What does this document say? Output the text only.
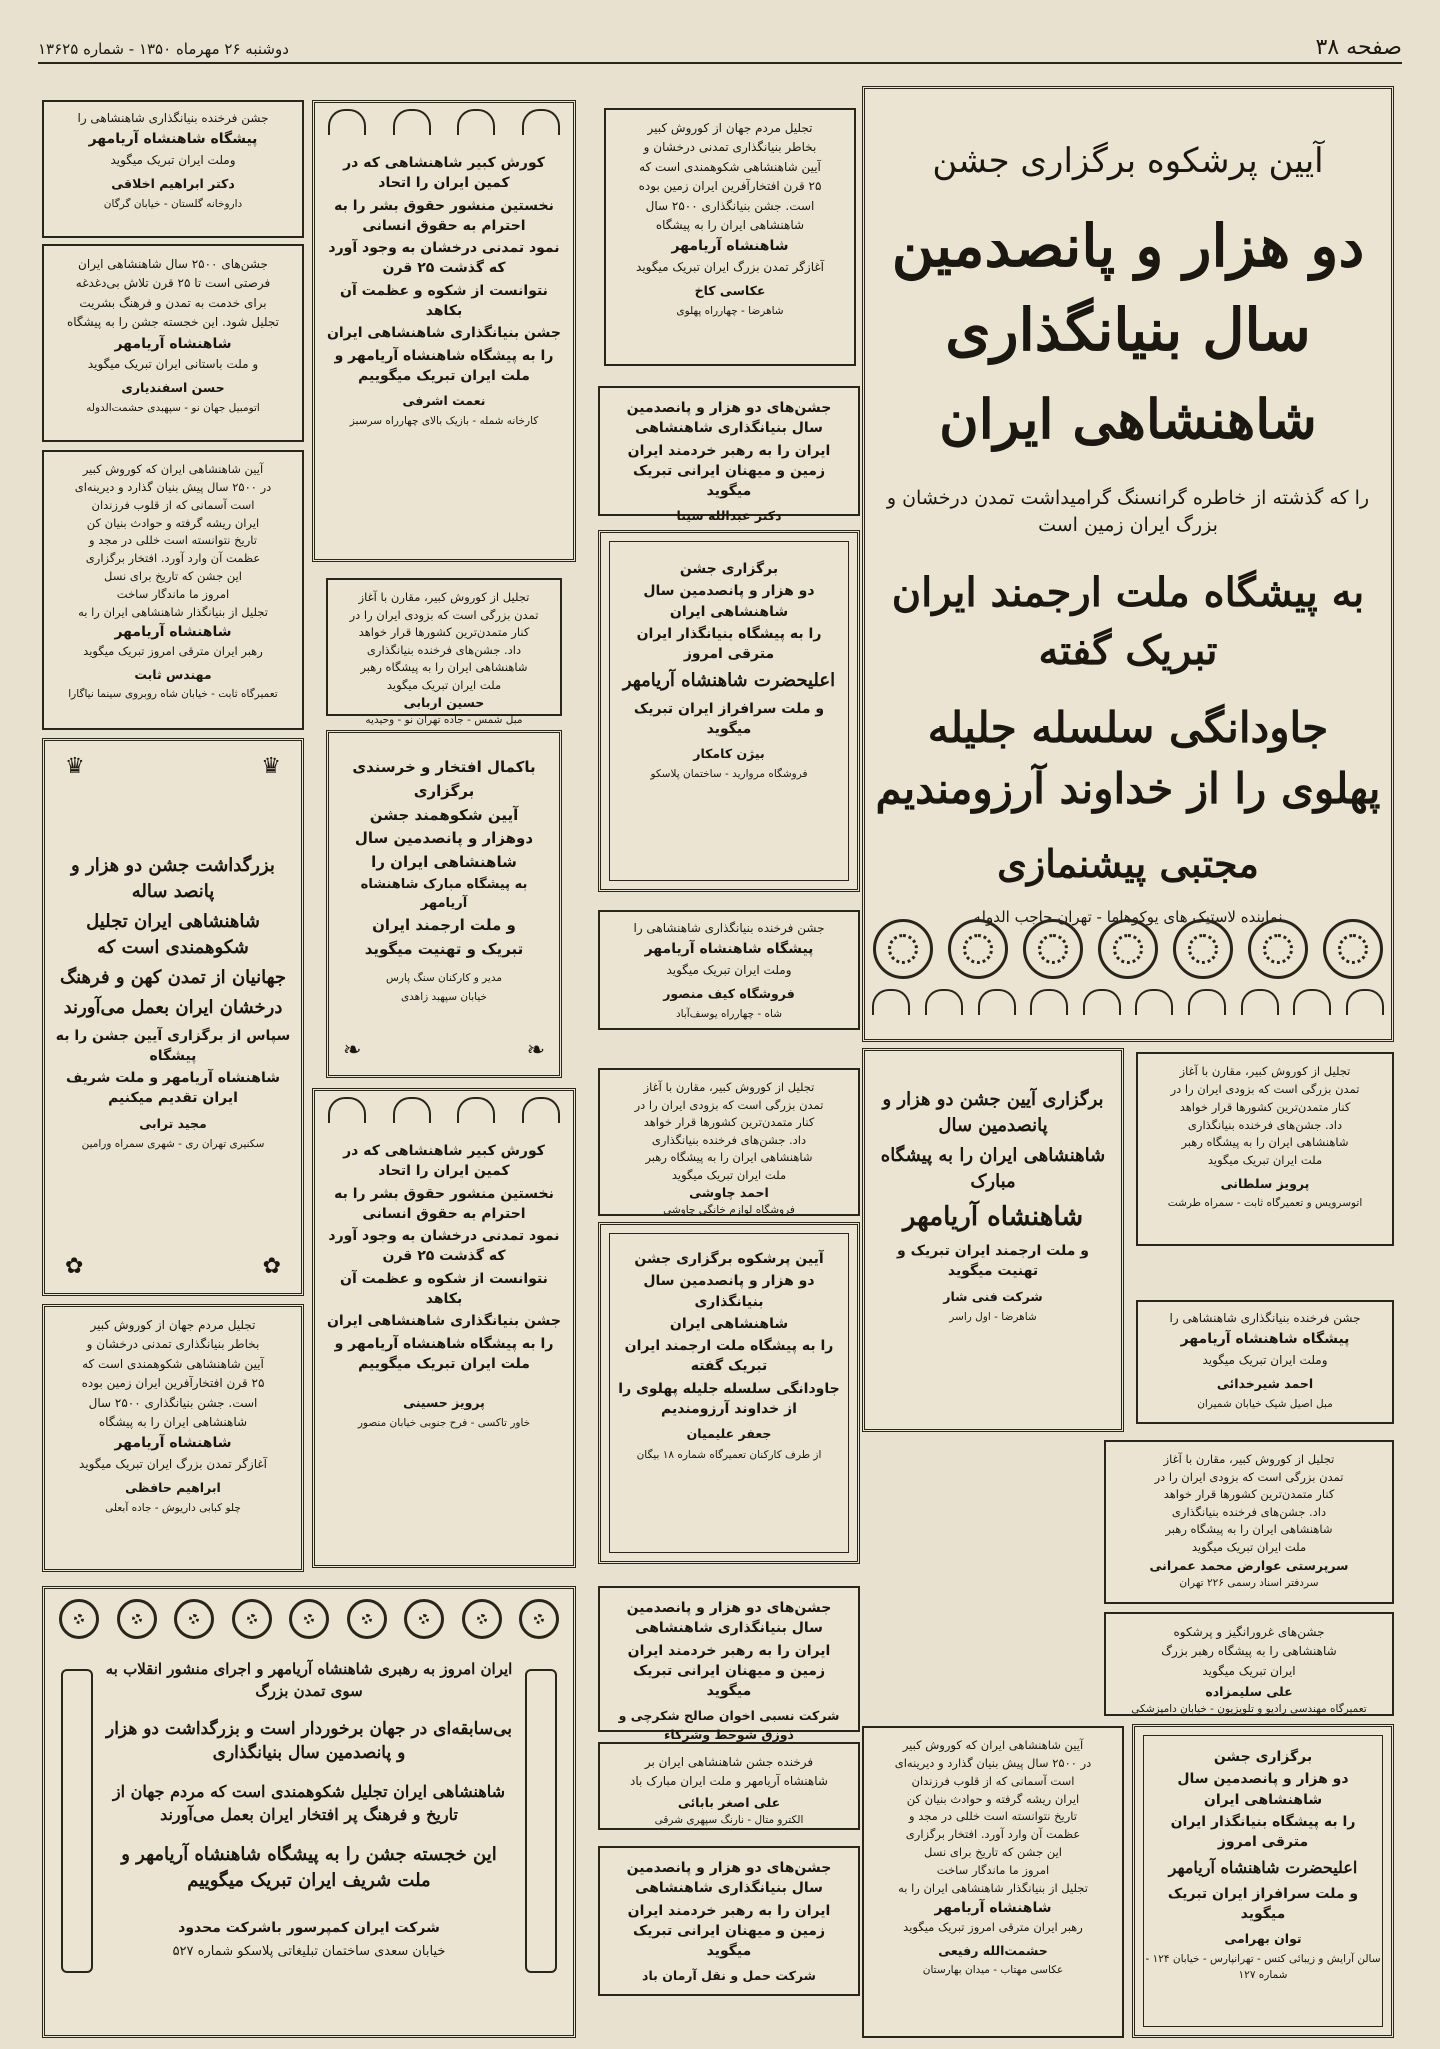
دوشنبه ۲۶ مهرماه ۱۳۵۰ - شماره ۱۳۶۲۵	صفحه ۳۸
آیین پرشکوه برگزاری جشن
دو هزار و پانصدمین سال بنیانگذاری
شاهنشاهی ایران
را که گذشته از خاطره گرانسنگ گرامیداشت تمدن درخشان و بزرگ ایران زمین است
به پیشگاه ملت ارجمند ایران تبریک گفته
جاودانگی سلسله جلیله پهلوی را از خداوند آرزومندیم
مجتبی پیشنمازی
نماینده لاستیک های یوکوهاما - تهران حاجب الدوله
جشن فرخنده بنیانگذاری شاهنشاهی را
پیشگاه شاهنشاه آریامهر
وملت ایران تبریک میگوید
دکتر ابراهیم اخلاقی
داروخانه گلستان - خیابان گرگان

جشن‌های ۲۵۰۰ سال شاهنشاهی ایران

فرصتی است تا ۲۵ قرن تلاش بی‌دغدغه

برای خدمت به تمدن و فرهنگ بشریت

تجلیل شود. این خجسته جشن را به پیشگاه

شاهنشاه آریامهر

و ملت باستانی ایران تبریک میگوید

حسن اسفندیاری
اتومبیل جهان نو - سپهبدی حشمت‌الدوله

آیین شاهنشاهی ایران که کوروش کبیر

در ۲۵۰۰ سال پیش بنیان گذارد و دیرینه‌ای

است آسمانی که از قلوب فرزندان

ایران ریشه گرفته و حوادث بنیان کن

تاریخ نتوانسته است خللی در مجد و

عظمت آن وارد آورد. افتخار برگزاری

این جشن که تاریخ برای نسل

امروز ما ماندگار ساخت

تجلیل از بنیانگذار شاهنشاهی ایران را به

شاهنشاه آریامهر

رهبر ایران مترقی امروز تبریک میگوید

مهندس ثابت
تعمیرگاه ثابت - خیابان شاه روبروی سینما نیاگارا
♛	♛
بزرگداشت جشن دو هزار و پانصد ساله
شاهنشاهی ایران تجلیل شکوهمندی است که
جهانیان از تمدن کهن و فرهنگ
درخشان ایران بعمل می‌آورند
سپاس از برگزاری آیین جشن را به پیشگاه
شاهنشاه آریامهر و ملت شریف ایران تقدیم میکنیم
مجید ترابی
سکنیری تهران ری - شهری سمراه ورامین
✿	✿

تجلیل مردم جهان از کوروش کبیر

بخاطر بنیانگذاری تمدنی درخشان و

آیین شاهنشاهی شکوهمندی است که

۲۵ قرن افتخارآفرین ایران زمین بوده

است. جشن بنیانگذاری ۲۵۰۰ سال

شاهنشاهی ایران را به پیشگاه

شاهنشاه آریامهر

آغازگر تمدن بزرگ ایران تبریک میگوید

ابراهیم حافظی
چلو کبابی داریوش - جاده آبعلی
کورش کبیر شاهنشاهی که در کمین ایران را اتحاد
نخستین منشور حقوق بشر را به احترام به حقوق انسانی
نمود تمدنی درخشان به وجود آورد که گذشت ۲۵ قرن
نتوانست از شکوه و عظمت آن بکاهد
جشن بنیانگذاری شاهنشاهی ایران
را به پیشگاه شاهنشاه آریامهر و ملت ایران تبریک میگوییم
نعمت اشرفی
کارخانه شمله - بازیک بالای چهارراه سرسبز

تجلیل از کوروش کبیر، مقارن با آغاز

تمدن بزرگی است که بزودی ایران را در

کنار متمدن‌ترین کشورها قرار خواهد

داد. جشن‌های فرخنده بنیانگذاری

شاهنشاهی ایران را به پیشگاه رهبر

ملت ایران تبریک میگوید

حسین اربابی
مبل شمس - جاده تهران نو - وحیدیه
باکمال افتخار و خرسندی
برگزاری
آیین شکوهمند جشن
دوهزار و پانصدمین سال
شاهنشاهی ایران را
به پیشگاه مبارک شاهنشاه آریامهر
و ملت ارجمند ایران
تبریک و تهنیت میگوید
مدیر و کارکنان سنگ پارس
خیابان سپهبد زاهدی
❧	❧
کورش کبیر شاهنشاهی که در کمین ایران را اتحاد
نخستین منشور حقوق بشر را به احترام به حقوق انسانی
نمود تمدنی درخشان به وجود آورد که گذشت ۲۵ قرن
نتوانست از شکوه و عظمت آن بکاهد
جشن بنیانگذاری شاهنشاهی ایران
را به پیشگاه شاهنشاه آریامهر و ملت ایران تبریک میگوییم
پرویز حسینی
خاور تاکسی - فرح جنوبی خیابان منصور

تجلیل مردم جهان از کوروش کبیر

بخاطر بنیانگذاری تمدنی درخشان و

آیین شاهنشاهی شکوهمندی است که

۲۵ قرن افتخارآفرین ایران زمین بوده

است. جشن بنیانگذاری ۲۵۰۰ سال

شاهنشاهی ایران را به پیشگاه

شاهنشاه آریامهر

آغازگر تمدن بزرگ ایران تبریک میگوید

عکاسی کاخ
شاهرضا - چهارراه پهلوی
جشن‌های دو هزار و پانصدمین سال بنیانگذاری شاهنشاهی
ایران را به رهبر خردمند ایران زمین و میهنان ایرانی تبریک میگوید
دکتر عبدالله سینا
برگزاری جشن
دو هزار و پانصدمین سال شاهنشاهی ایران
را به پیشگاه بنیانگذار ایران مترقی امروز
اعلیحضرت شاهنشاه آریامهر
و ملت سرافراز ایران تبریک میگوید
بیژن کامکار
فروشگاه مروارید - ساختمان پلاسکو
جشن فرخنده بنیانگذاری شاهنشاهی را
پیشگاه شاهنشاه آریامهر
وملت ایران تبریک میگوید
فروشگاه کیف منصور
شاه - چهارراه یوسف‌آباد

تجلیل از کوروش کبیر، مقارن با آغاز

تمدن بزرگی است که بزودی ایران را در

کنار متمدن‌ترین کشورها قرار خواهد

داد. جشن‌های فرخنده بنیانگذاری

شاهنشاهی ایران را به پیشگاه رهبر

ملت ایران تبریک میگوید

احمد چاوشی
فروشگاه لوازم خانگی چاوشی
آیین پرشکوه برگزاری جشن
دو هزار و پانصدمین سال بنیانگذاری
شاهنشاهی ایران
را به پیشگاه ملت ارجمند ایران تبریک گفته
جاودانگی سلسله جلیله پهلوی را از خداوند آرزومندیم
جعفر علیمیان
از طرف کارکنان تعمیرگاه شماره ۱۸ بیگان
جشن‌های دو هزار و پانصدمین سال بنیانگذاری شاهنشاهی
ایران را به رهبر خردمند ایران زمین و میهنان ایرانی تبریک میگوید
شرکت نسبی اخوان صالح شکرچی و ذوزق شوحط وشرکاء

فرخنده جشن شاهنشاهی ایران بر

شاهنشاه آریامهر و ملت ایران مبارک باد

علی اصغر بابائی
الکترو متال - نارنگ سپهری شرقی
جشن‌های دو هزار و پانصدمین سال بنیانگذاری شاهنشاهی
ایران را به رهبر خردمند ایران زمین و میهنان ایرانی تبریک میگوید
شرکت حمل و نقل آرمان باد
برگزاری آیین جشن دو هزار و پانصدمین سال
شاهنشاهی ایران را به پیشگاه مبارک
شاهنشاه آریامهر
و ملت ارجمند ایران تبریک و تهنیت میگوید
شرکت فنی شار
شاهرضا - اول راسر

تجلیل از کوروش کبیر، مقارن با آغاز

تمدن بزرگی است که بزودی ایران را در

کنار متمدن‌ترین کشورها قرار خواهد

داد. جشن‌های فرخنده بنیانگذاری

شاهنشاهی ایران را به پیشگاه رهبر

ملت ایران تبریک میگوید

سرپرستی عوارض محمد عمرانی
سردفتر اسناد رسمی ۲۲۶ تهران

جشن‌های غرورانگیز و پرشکوه

شاهنشاهی را به پیشگاه رهبر بزرگ

ایران تبریک میگوید

علی سلیمزاده
تعمیرگاه مهندسی رادیو و تلویزیون - خیابان دامپزشکی

آیین شاهنشاهی ایران که کوروش کبیر

در ۲۵۰۰ سال پیش بنیان گذارد و دیرینه‌ای

است آسمانی که از قلوب فرزندان

ایران ریشه گرفته و حوادث بنیان کن

تاریخ نتوانسته است خللی در مجد و

عظمت آن وارد آورد. افتخار برگزاری

این جشن که تاریخ برای نسل

امروز ما ماندگار ساخت

تجلیل از بنیانگذار شاهنشاهی ایران را به

شاهنشاه آریامهر

رهبر ایران مترقی امروز تبریک میگوید

حشمت‌الله رفیعی
عکاسی مهتاب - میدان بهارستان

تجلیل از کوروش کبیر، مقارن با آغاز

تمدن بزرگی است که بزودی ایران را در

کنار متمدن‌ترین کشورها قرار خواهد

داد. جشن‌های فرخنده بنیانگذاری

شاهنشاهی ایران را به پیشگاه رهبر

ملت ایران تبریک میگوید

پرویز سلطانی
اتوسرویس و تعمیرگاه ثابت - سمراه طرشت
جشن فرخنده بنیانگذاری شاهنشاهی را
پیشگاه شاهنشاه آریامهر
وملت ایران تبریک میگوید
احمد شیرخدائی
مبل اصیل شیک خیابان شمیران
برگزاری جشن
دو هزار و پانصدمین سال شاهنشاهی ایران
را به پیشگاه بنیانگذار ایران مترقی امروز
اعلیحضرت شاهنشاه آریامهر
و ملت سرافراز ایران تبریک میگوید
توان بهرامی
سالن آرایش و زیبائی کتس - تهرانپارس - خیابان ۱۲۴ - شماره ۱۲۷
ایران امروز به رهبری شاهنشاه آریامهر و اجرای منشور انقلاب به سوی تمدن بزرگ
بی‌سابقه‌ای در جهان برخوردار است و بزرگداشت دو هزار و پانصدمین سال بنیانگذاری
شاهنشاهی ایران تجلیل شکوهمندی است که مردم جهان از تاریخ و فرهنگ پر افتخار ایران بعمل می‌آورند
این خجسته جشن را به پیشگاه شاهنشاه آریامهر و ملت شریف ایران تبریک میگوییم
شرکت ایران کمپرسور باشرکت محدود
خیابان سعدی ساختمان تبلیغاتی پلاسکو شماره ۵۲۷
